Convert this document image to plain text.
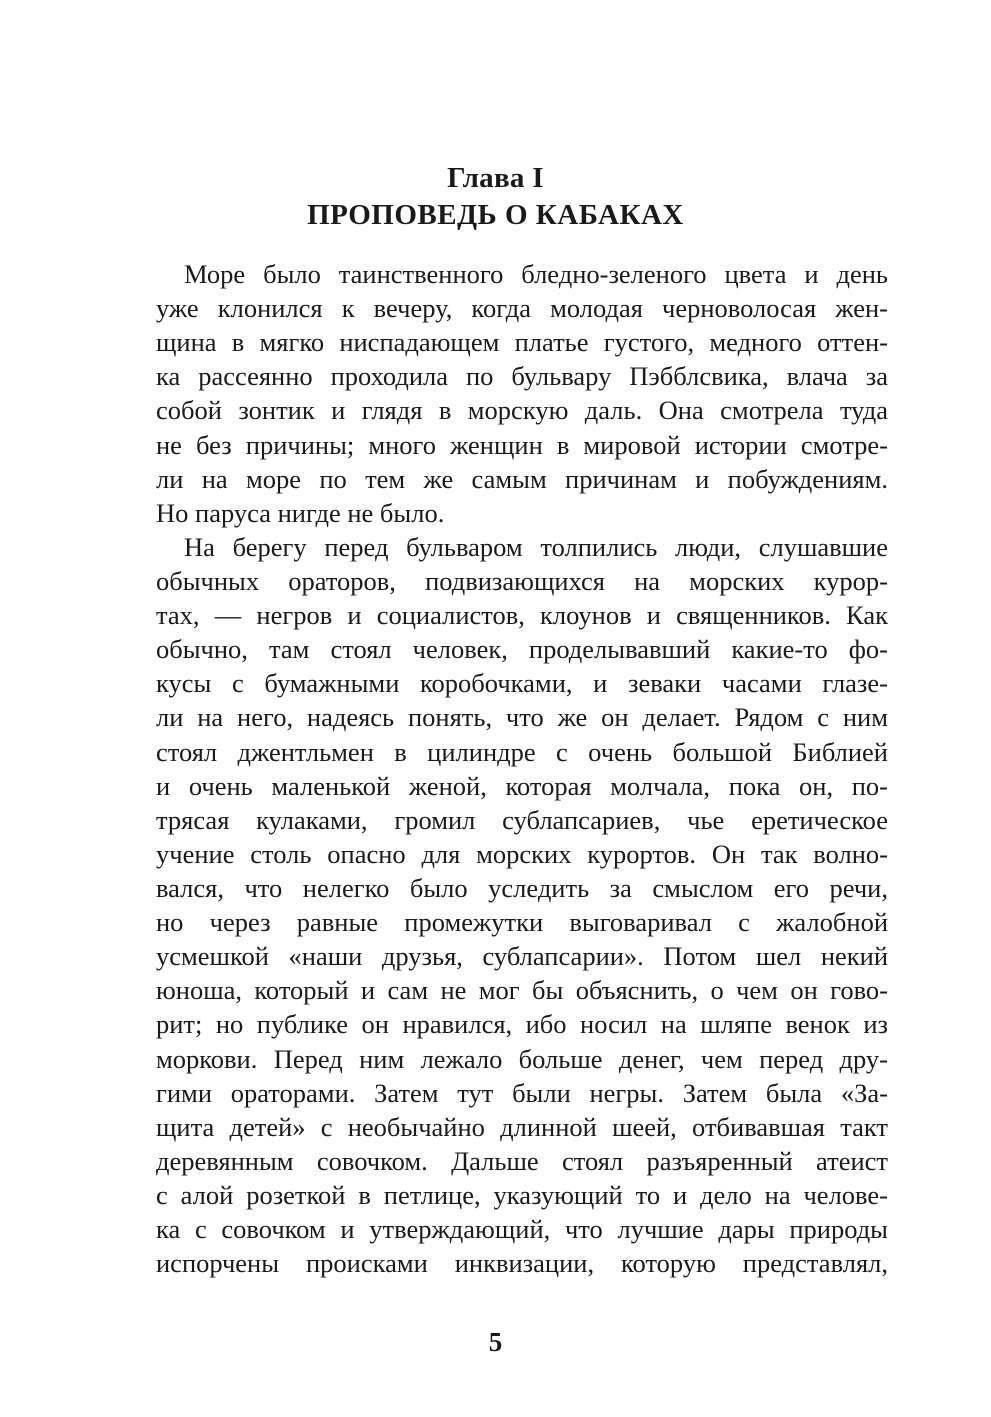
Глава I
ПРОПОВЕДЬ О КАБАКАХ
Море было таинственного бледно-зеленого цвета и день
уже клонился к вечеру, когда молодая черноволосая жен-
щина в мягко ниспадающем платье густого, медного оттен-
ка рассеянно проходила по бульвару Пэбблсвика, влача за
собой зонтик и глядя в морскую даль. Она смотрела туда
не без причины; много женщин в мировой истории смотре-
ли на море по тем же самым причинам и побуждениям.
Но паруса нигде не было.
На берегу перед бульваром толпились люди, слушавшие
обычных ораторов, подвизающихся на морских курор-
тах, — негров и социалистов, клоунов и священников. Как
обычно, там стоял человек, проделывавший какие-то фо-
кусы с бумажными коробочками, и зеваки часами глазе-
ли на него, надеясь понять, что же он делает. Рядом с ним
стоял джентльмен в цилиндре с очень большой Библией
и очень маленькой женой, которая молчала, пока он, по-
трясая кулаками, громил сублапсариев, чье еретическое
учение столь опасно для морских курортов. Он так волно-
вался, что нелегко было уследить за смыслом его речи,
но через равные промежутки выговаривал с жалобной
усмешкой «наши друзья, сублапсарии». Потом шел некий
юноша, который и сам не мог бы объяснить, о чем он гово-
рит; но публике он нравился, ибо носил на шляпе венок из
моркови. Перед ним лежало больше денег, чем перед дру-
гими ораторами. Затем тут были негры. Затем была «За-
щита детей» с необычайно длинной шеей, отбивавшая такт
деревянным совочком. Дальше стоял разъяренный атеист
с алой розеткой в петлице, указующий то и дело на челове-
ка с совочком и утверждающий, что лучшие дары природы
испорчены происками инквизации, которую представлял,
5
